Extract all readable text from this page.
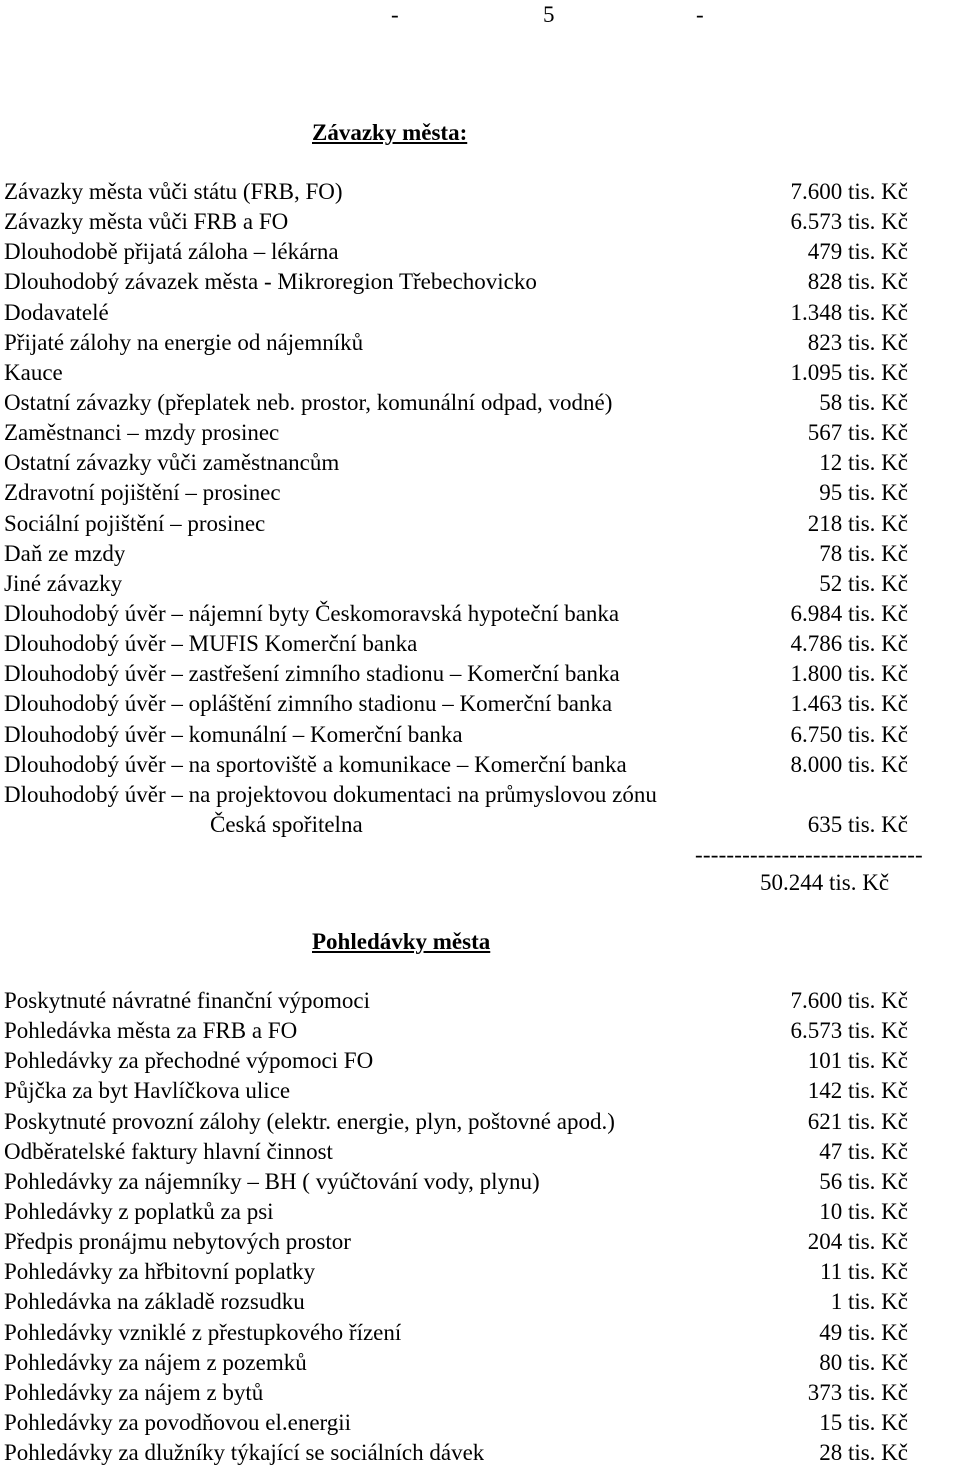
-	5	-
Závazky města:
Závazky města vůči státu (FRB, FO)	7.600 tis. Kč
Závazky města vůči FRB a FO	6.573 tis. Kč
Dlouhodobě přijatá záloha – lékárna	479 tis. Kč
Dlouhodobý závazek města - Mikroregion Třebechovicko	828 tis. Kč
Dodavatelé	1.348 tis. Kč
Přijaté zálohy na energie od nájemníků	823 tis. Kč
Kauce	1.095 tis. Kč
Ostatní závazky (přeplatek neb. prostor, komunální odpad, vodné)	58 tis. Kč
Zaměstnanci – mzdy prosinec	567 tis. Kč
Ostatní závazky vůči zaměstnancům	12 tis. Kč
Zdravotní pojištění – prosinec	95 tis. Kč
Sociální pojištění – prosinec	218 tis. Kč
Daň ze mzdy	78 tis. Kč
Jiné závazky	52 tis. Kč
Dlouhodobý úvěr – nájemní byty Českomoravská hypoteční banka	6.984 tis. Kč
Dlouhodobý úvěr – MUFIS Komerční banka	4.786 tis. Kč
Dlouhodobý úvěr – zastřešení zimního stadionu – Komerční banka	1.800 tis. Kč
Dlouhodobý úvěr – opláštění zimního stadionu – Komerční banka	1.463 tis. Kč
Dlouhodobý úvěr – komunální – Komerční banka	6.750 tis. Kč
Dlouhodobý úvěr – na sportoviště a komunikace – Komerční banka	8.000 tis. Kč
Dlouhodobý úvěr – na projektovou dokumentaci na průmyslovou zónu
Česká spořitelna	635 tis. Kč
-----------------------------
50.244 tis. Kč
Pohledávky města
Poskytnuté návratné finanční výpomoci	7.600 tis. Kč
Pohledávka města za FRB a FO	6.573 tis. Kč
Pohledávky za přechodné výpomoci FO	101 tis. Kč
Půjčka za byt Havlíčkova ulice	142 tis. Kč
Poskytnuté provozní zálohy (elektr. energie, plyn, poštovné apod.)	621 tis. Kč
Odběratelské faktury hlavní činnost	47 tis. Kč
Pohledávky za nájemníky – BH ( vyúčtování vody, plynu)	56 tis. Kč
Pohledávky z poplatků za psi	10 tis. Kč
Předpis pronájmu nebytových prostor	204 tis. Kč
Pohledávky za hřbitovní poplatky	11 tis. Kč
Pohledávka na základě rozsudku	1 tis. Kč
Pohledávky vzniklé z přestupkového řízení	49 tis. Kč
Pohledávky za nájem z pozemků	80 tis. Kč
Pohledávky za nájem z bytů	373 tis. Kč
Pohledávky za povodňovou el.energii	15 tis. Kč
Pohledávky za dlužníky týkající se sociálních dávek	28 tis. Kč
